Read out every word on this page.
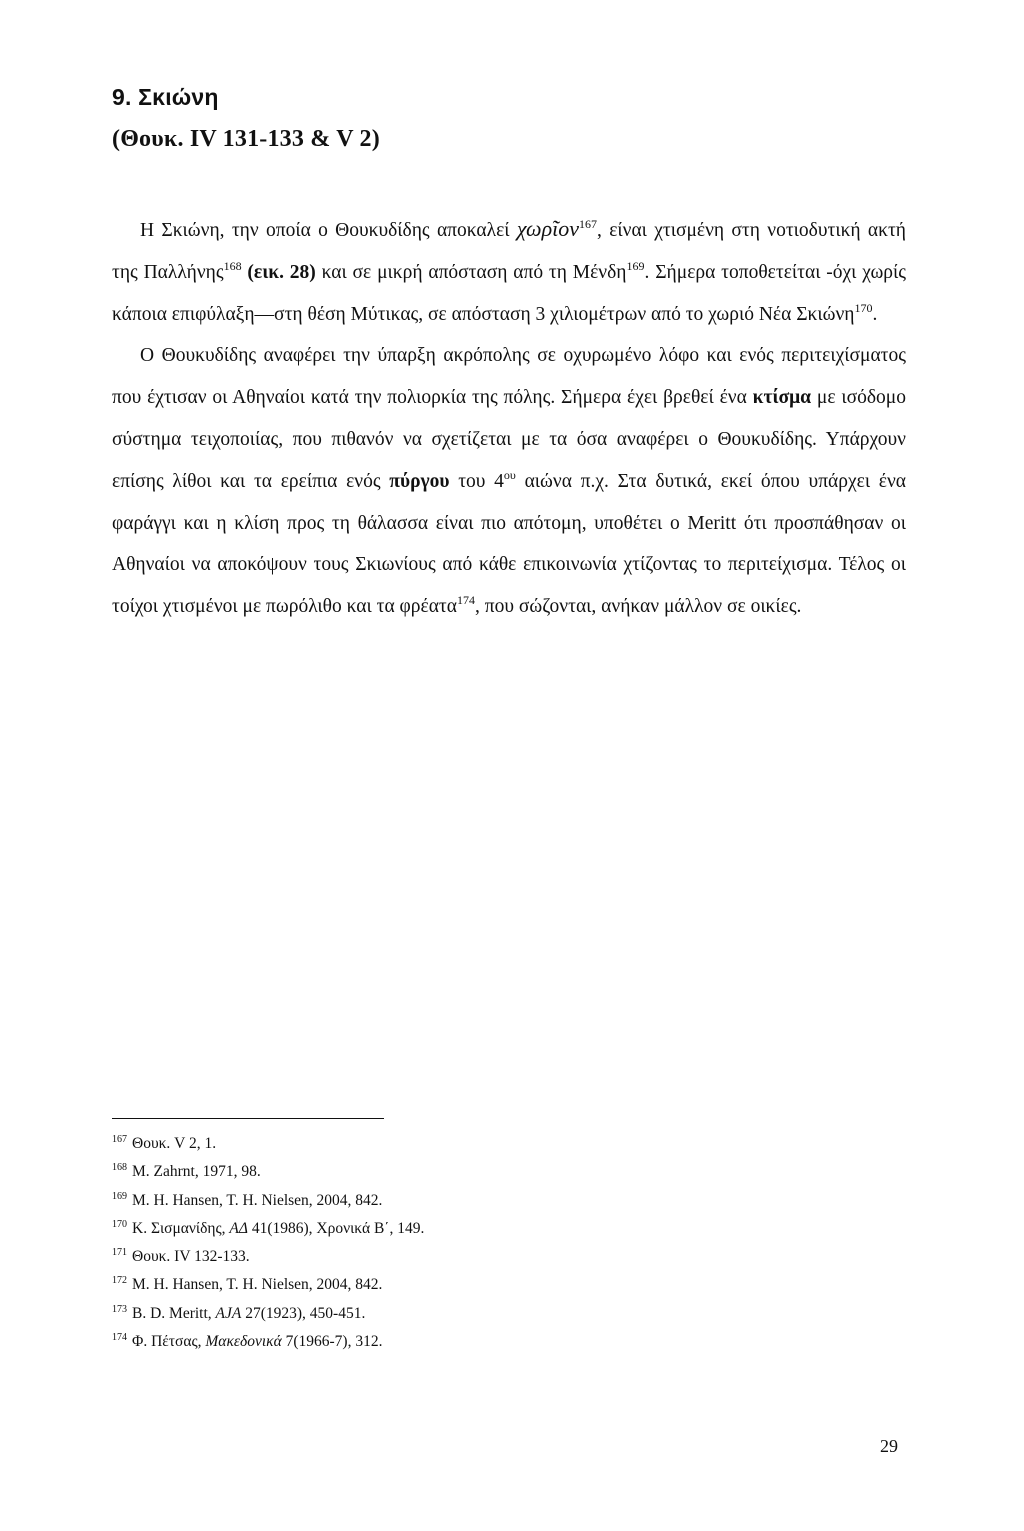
9. Σκιώνη
(Θουκ. IV 131-133 & V 2)

Η Σκιώνη, την οποία ο Θουκυδίδης αποκαλεί χωρῖον$^{167}$, είναι χτισμένη στη νοτιοδυτική ακτή της Παλλήνης$^{168}$ (εικ. 28) και σε μικρή απόσταση από τη Μένδη$^{169}$. Σήμερα τοποθετείται -όχι χωρίς κάποια επιφύλαξη—στη θέση Μύτικας, σε απόσταση 3 χιλιομέτρων από το χωριό Νέα Σκιώνη$^{170}$.

Ο Θουκυδίδης αναφέρει την ύπαρξη ακρόπολης σε οχυρωμένο λόφο και ενός περιτειχίσματος που έχτισαν οι Αθηναίοι κατά την πολιορκία της πόλης. Σήμερα έχει βρεθεί ένα κτίσμα με ισόδομο σύστημα τειχοποιίας, που πιθανόν να σχετίζεται με τα όσα αναφέρει ο Θουκυδίδης. Υπάρχουν επίσης λίθοι και τα ερείπια ενός πύργου του $4^{o\upsilon}$ αιώνα π.χ. Στα δυτικά, εκεί όπου υπάρχει ένα φαράγγι και η κλίση προς τη θάλασσα είναι πιο απότομη, υποθέτει ο Meritt ότι προσπάθησαν οι Αθηναίοι να αποκόψουν τους Σκιωνίους από κάθε επικοινωνία χτίζοντας το περιτείχισμα. Τέλος οι τοίχοι χτισμένοι με πωρόλιθο και τα φρέατα$^{174}$, που σώζονται, ανήκαν μάλλον σε οικίες.

$^{167}$ Θουκ. V 2, 1.
$^{168}$ M. Zahrnt, 1971, 98.
$^{169}$ M. H. Hansen, T. H. Nielsen, 2004, 842.
$^{170}$ Κ. Σισμανίδης, ΑΔ 41(1986), Χρονικά Β΄, 149.
$^{171}$ Θουκ. IV 132-133.
$^{172}$ M. H. Hansen, T. H. Nielsen, 2004, 842.
$^{173}$ B. D. Meritt, AJA 27(1923), 450-451.
$^{174}$ Φ. Πέτσας, Μακεδονικά 7(1966-7), 312.
29
